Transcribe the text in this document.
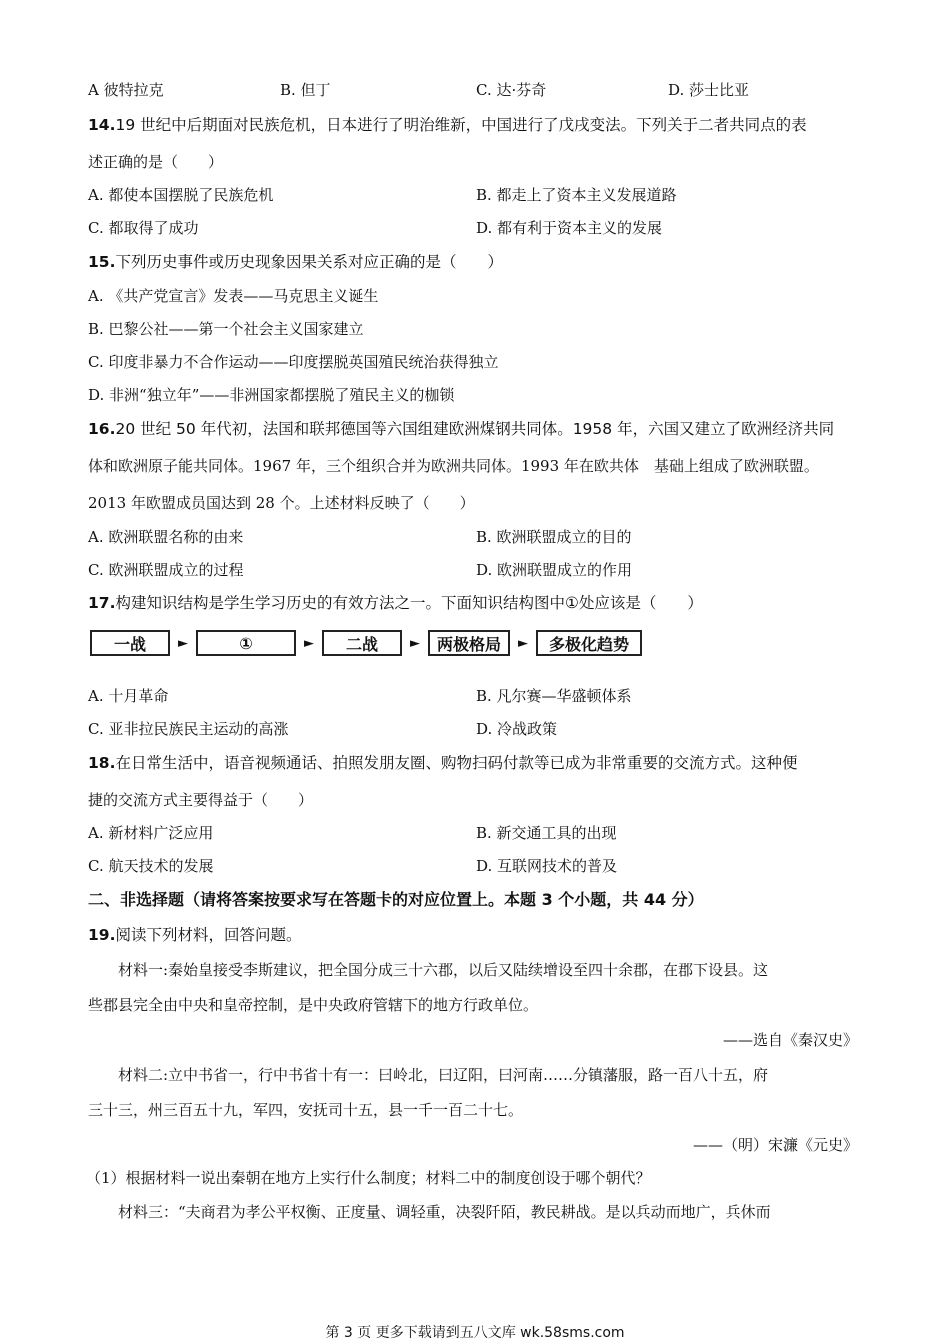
A 彼特拉克	B. 但丁	C. 达·芬奇	D. 莎士比亚
14.19 世纪中后期面对民族危机，日本进行了明治维新，中国进行了戊戌变法。下列关于二者共同点的表
述正确的是（　　）
A. 都使本国摆脱了民族危机	B. 都走上了资本主义发展道路
C. 都取得了成功	D. 都有利于资本主义的发展
15.下列历史事件或历史现象因果关系对应正确的是（　　）
A. 《共产党宣言》发表——马克思主义诞生
B. 巴黎公社——第一个社会主义国家建立
C. 印度非暴力不合作运动——印度摆脱英国殖民统治获得独立
D. 非洲“独立年”——非洲国家都摆脱了殖民主义的枷锁
16.20 世纪 50 年代初，法国和联邦德国等六国组建欧洲煤钢共同体。1958 年，六国又建立了欧洲经济共同
体和欧洲原子能共同体。1967 年，三个组织合并为欧洲共同体。1993 年在欧共体　基础上组成了欧洲联盟。
2013 年欧盟成员国达到 28 个。上述材料反映了（　　）
A. 欧洲联盟名称的由来	B. 欧洲联盟成立的目的
C. 欧洲联盟成立的过程	D. 欧洲联盟成立的作用
17.构建知识结构是学生学习历史的有效方法之一。下面知识结构图中①处应该是（　　）
一战	►	①	►	二战	►	两极格局	►	多极化趋势
A. 十月革命	B. 凡尔赛—华盛顿体系
C. 亚非拉民族民主运动的高涨	D. 冷战政策
18.在日常生活中，语音视频通话、拍照发朋友圈、购物扫码付款等已成为非常重要的交流方式。这种便
捷的交流方式主要得益于（　　）
A. 新材料广泛应用	B. 新交通工具的出现
C. 航天技术的发展	D. 互联网技术的普及
二、非选择题（请将答案按要求写在答题卡的对应位置上。本题 3 个小题，共 44 分）
19.阅读下列材料，回答问题。
材料一:秦始皇接受李斯建议，把全国分成三十六郡，以后又陆续增设至四十余郡，在郡下设县。这
些郡县完全由中央和皇帝控制，是中央政府管辖下的地方行政单位。
——选自《秦汉史》
材料二:立中书省一，行中书省十有一：曰岭北，曰辽阳，曰河南……分镇藩服，路一百八十五，府
三十三，州三百五十九，军四，安抚司十五，县一千一百二十七。
——（明）宋濂《元史》
（1）根据材料一说出秦朝在地方上实行什么制度；材料二中的制度创设于哪个朝代？
材料三：“夫商君为孝公平权衡、正度量、调轻重，决裂阡陌，教民耕战。是以兵动而地广，兵休而
第 3 页 更多下载请到五八文库 wk.58sms.com
